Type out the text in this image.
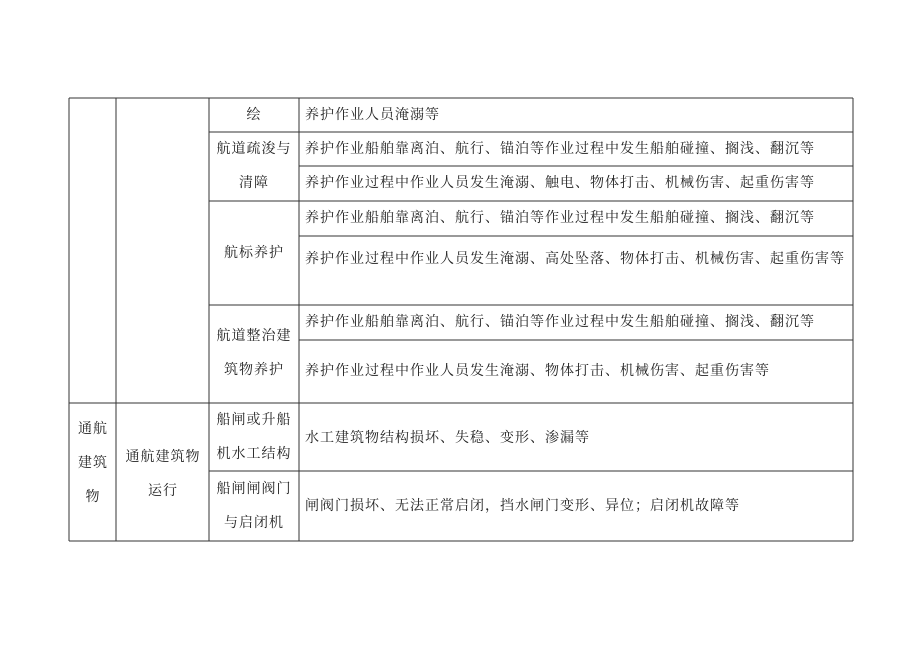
绘	养护作业人员淹溺等
航道疏浚与清障
养护作业船舶靠离泊、航行、锚泊等作业过程中发生船舶碰撞、搁浅、翻沉等
养护作业过程中作业人员发生淹溺、触电、物体打击、机械伤害、起重伤害等
航标养护
养护作业船舶靠离泊、航行、锚泊等作业过程中发生船舶碰撞、搁浅、翻沉等
养护作业过程中作业人员发生淹溺、高处坠落、物体打击、机械伤害、起重伤害等
航道整治建筑物养护
养护作业船舶靠离泊、航行、锚泊等作业过程中发生船舶碰撞、搁浅、翻沉等
养护作业过程中作业人员发生淹溺、物体打击、机械伤害、起重伤害等
通航建筑物
通航建筑物运行
船闸或升船机水工结构
水工建筑物结构损坏、失稳、变形、渗漏等
船闸闸阀门与启闭机
闸阀门损坏、无法正常启闭，挡水闸门变形、异位；启闭机故障等
